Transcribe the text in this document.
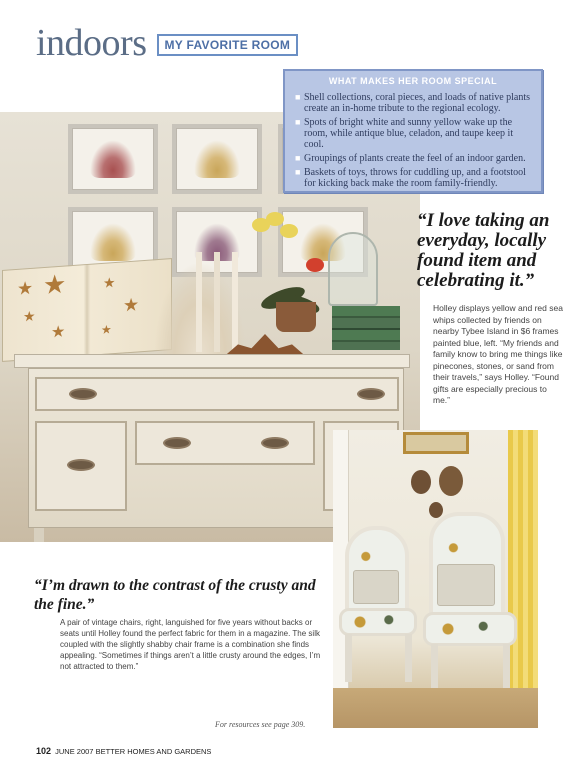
indoors	MY FAVORITE ROOM
★ ★
★
★
★
★
★
WHAT MAKES HER ROOM SPECIAL
■ Shell collections, coral pieces, and loads of native plants create an in-home tribute to the regional ecology.
■ Spots of bright white and sunny yellow wake up the room, while antique blue, celadon, and taupe keep it cool.
■ Groupings of plants create the feel of an indoor garden.
■ Baskets of toys, throws for cuddling up, and a footstool for kicking back make the room family-friendly.
“I love taking an everyday, locally found item and celebrating it.”
Holley displays yellow and red sea whips collected by friends on nearby Tybee Island in $6 frames painted blue, left. “My friends and family know to bring me things like pinecones, stones, or sand from their travels,” says Holley. “Found gifts are especially precious to me.”
“I’m drawn to the contrast of the crusty and the fine.”
A pair of vintage chairs, right, languished for five years without backs or seats until Holley found the perfect fabric for them in a magazine. The silk coupled with the slightly shabby chair frame is a combination she finds appealing. “Sometimes if things aren’t a little crusty around the edges, I’m not attracted to them.”
For resources see page 309.
102 JUNE 2007 BETTER HOMES AND GARDENS
